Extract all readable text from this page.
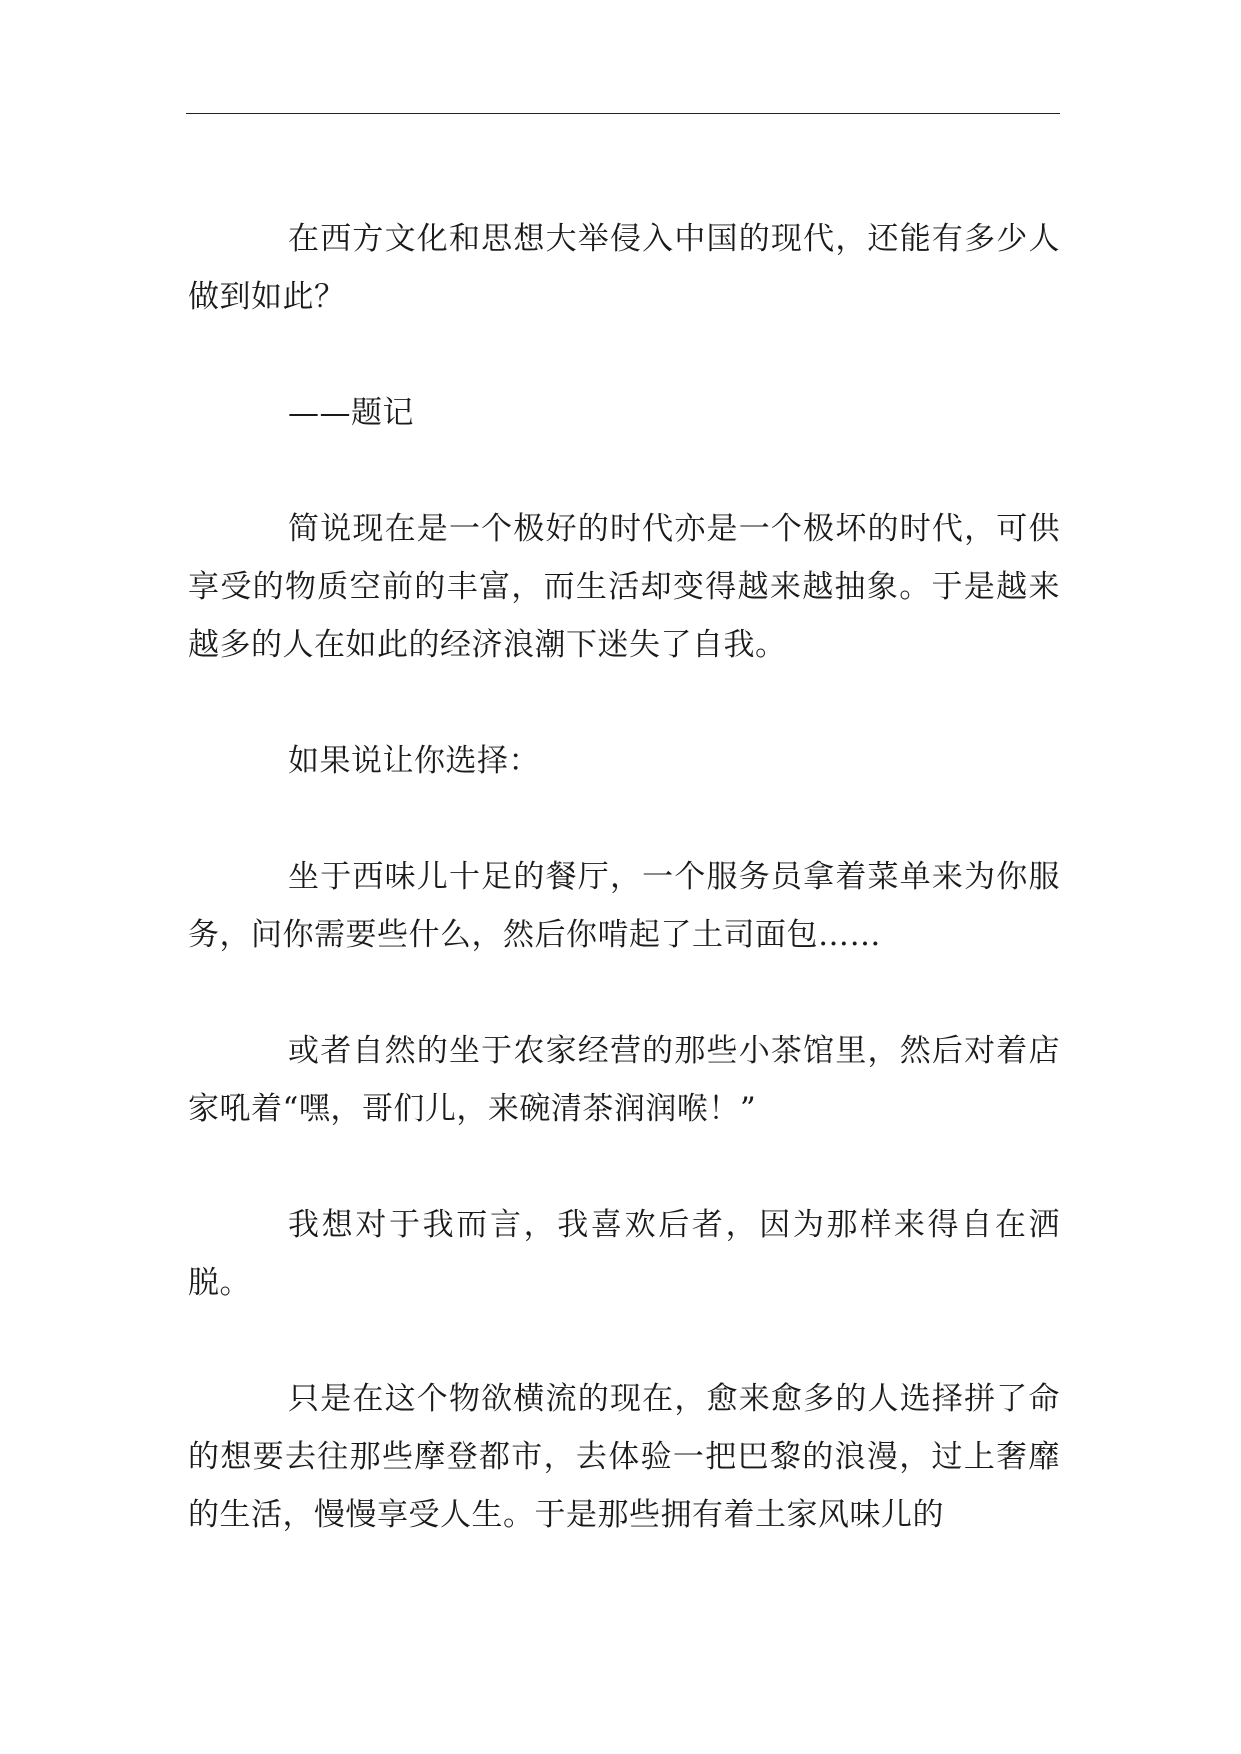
在西方文化和思想大举侵入中国的现代，还能有多少人做到如此？

——题记

简说现在是一个极好的时代亦是一个极坏的时代，可供享受的物质空前的丰富，而生活却变得越来越抽象。于是越来越多的人在如此的经济浪潮下迷失了自我。

如果说让你选择：

坐于西味儿十足的餐厅，一个服务员拿着菜单来为你服务，问你需要些什么，然后你啃起了土司面包……

或者自然的坐于农家经营的那些小茶馆里，然后对着店家吼着“嘿，哥们儿，来碗清茶润润喉！”

我想对于我而言，我喜欢后者，因为那样来得自在洒脱。

只是在这个物欲横流的现在，愈来愈多的人选择拼了命的想要去往那些摩登都市，去体验一把巴黎的浪漫，过上奢靡的生活，慢慢享受人生。于是那些拥有着土家风味儿的
